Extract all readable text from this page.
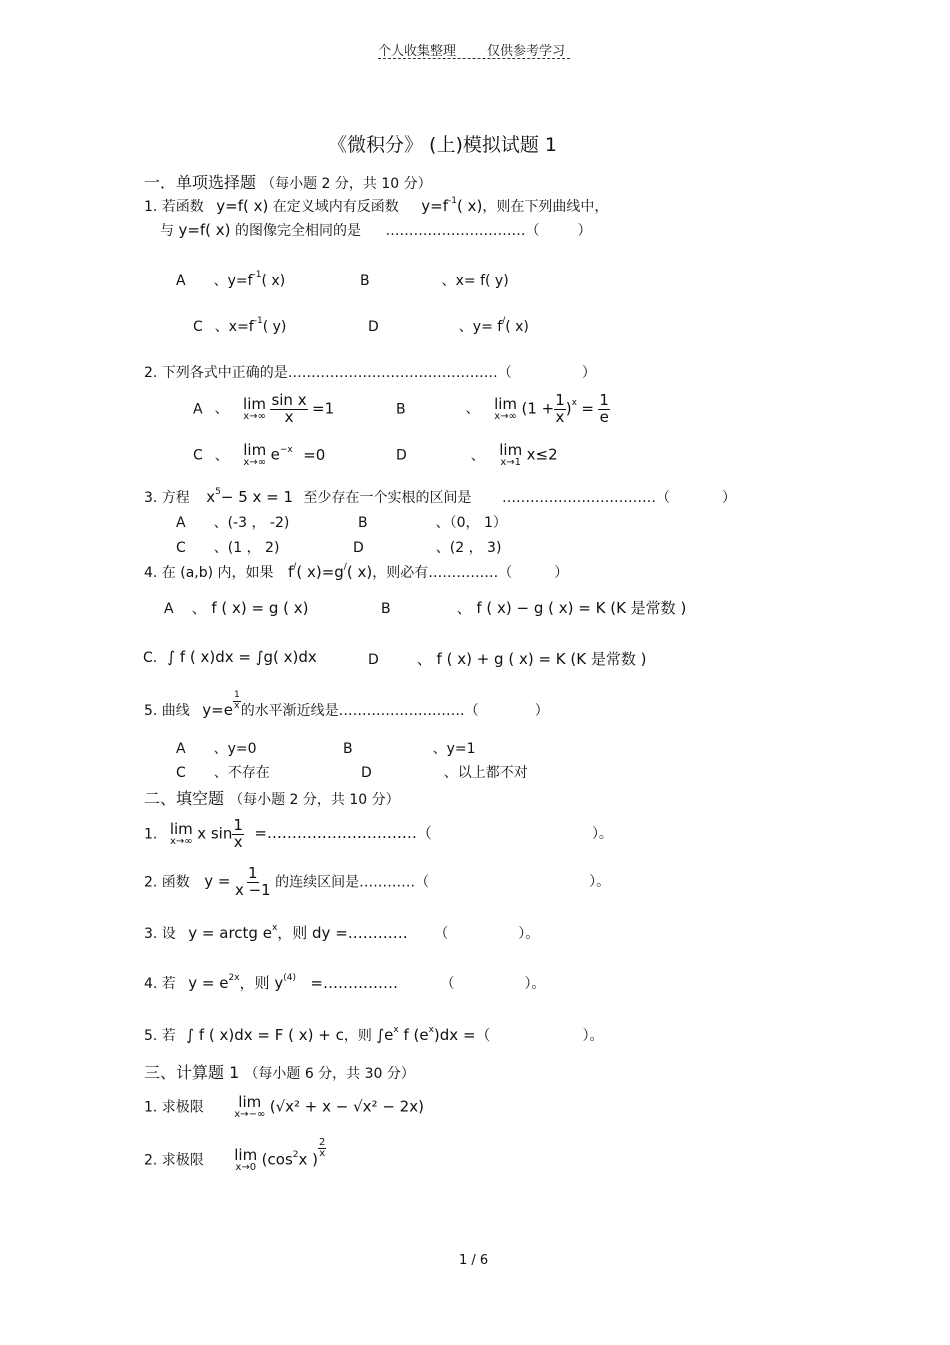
个人收集整理 仅供参考学习
《微积分》 (上)模拟试题 1
一．单项选择题 （每小题 2 分，共 10 分）
1. 若函数 y=f( x) 在定义域内有反函数 $y=f^{-1}$( x)，则在下列曲线中，
与 y=f( x) 的图像完全相同的是 …………………………（	）
A 、$y=f^{-1}$( x)	B	、x= f( y)
C 、$x=f^{-1}$( y)	D	、y= f/( x)
2. 下列各式中正确的是………………………………………（	）
A 、 lim
x→∞
$\frac{\text{sin x}}{x} =1$	B	、 lim
x→∞ $(1 + \frac{1}{x} )^x = \frac{1}{e}$
C 、 lim
x→∞ $e^{-x} =0$	D	、 lim
x→1 x≤2
3. 方程 $x^5- 5$ x = 1 至少存在一个实根的区间是 ……………………………（	）
A 、(-3 ， -2)	B	、（0， 1）
C 、(1 ， 2)	D	、(2 ， 3)
4. 在 (a,b) 内，如果 f/( x)=g/( x)，则必有……………（	）
A 、 f ( x) = g ( x)	B	、 f ( x) − g ( x) = K (K 是常数 )
C. ∫ f ( x)dx = ∫g( x)dx	D	、 f ( x) + g ( x) = K (K 是常数 )
5. 曲线 $y=e \frac{1}{x}$
的水平渐近线是………………………（	）
A 、y=0	B	、y=1
C 、不存在	D	、以上都不对
二、填空题 （每小题 2 分，共 10 分）
1. lim
x→∞ x $\sin \frac{1}{x}$ =…………………………（	）。
2. 函数 $y = \frac{1}{x -1}$ 的连续区间是…………（	）。
3. 设 y = arctg $e^x$，则 dy =………… （	）。
4. 若 $y = e^{2x}$，则 $y^{(4)}$ =……………	（	）。
5. 若 ∫ f ( x)dx = F ( x) + c，则 $\int e^x$ f $(e^x)dx$ =（	）。
三、计算题 1 （每小题 6 分，共 30 分）
1. 求极限 lim
x→−∞ (√x² + x − √x² − 2x)
2. 求极限 lim
x→0 ($\cos^2x$ ) $\frac{2}{x}$
1 / 6
